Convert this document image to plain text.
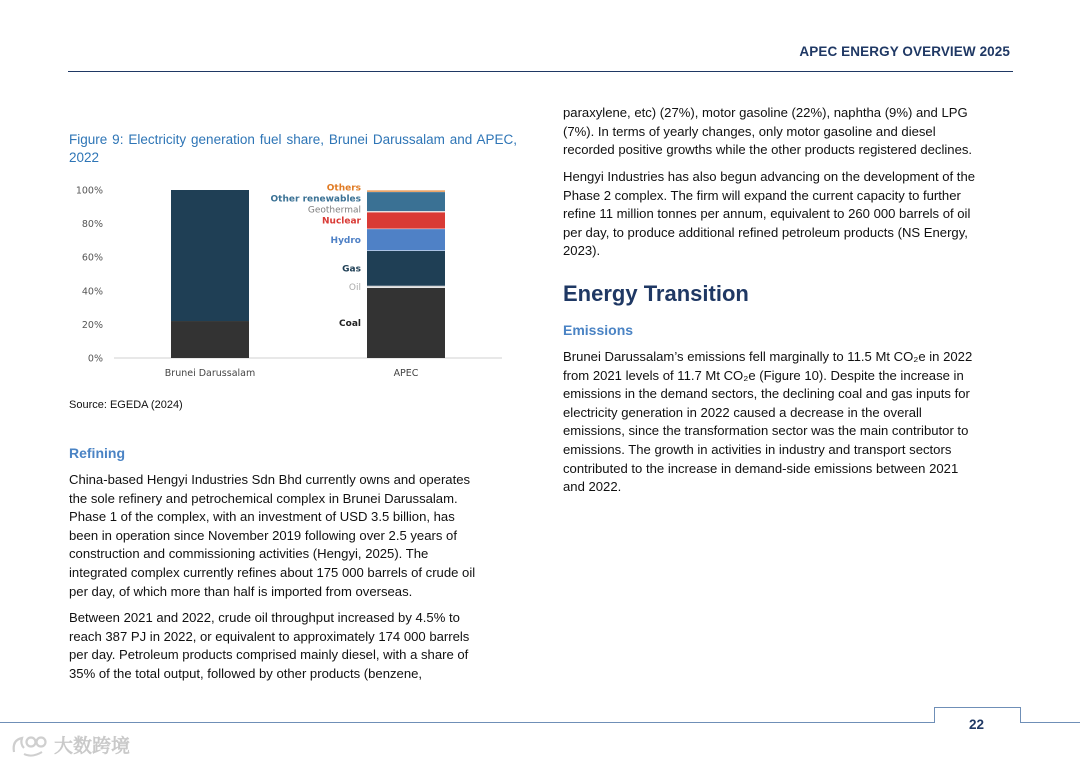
APEC ENERGY OVERVIEW 2025
Figure 9: Electricity generation fuel share, Brunei Darussalam and APEC, 2022
0%
20%
40%
60%
80%
100%
Brunei Darussalam	APEC
Coal
Oil
Gas
Hydro
Nuclear
Geothermal
Other renewables
Others
Source: EGEDA (2024)
Refining
China-based Hengyi Industries Sdn Bhd currently owns and operates
the sole refinery and petrochemical complex in Brunei Darussalam.
Phase 1 of the complex, with an investment of USD 3.5 billion, has
been in operation since November 2019 following over 2.5 years of
construction and commissioning activities (Hengyi, 2025). The
integrated complex currently refines about 175 000 barrels of crude oil
per day, of which more than half is imported from overseas.
Between 2021 and 2022, crude oil throughput increased by 4.5% to
reach 387 PJ in 2022, or equivalent to approximately 174 000 barrels
per day. Petroleum products comprised mainly diesel, with a share of
35% of the total output, followed by other products (benzene,
paraxylene, etc) (27%), motor gasoline (22%), naphtha (9%) and LPG
(7%). In terms of yearly changes, only motor gasoline and diesel
recorded positive growths while the other products registered declines.
Hengyi Industries has also begun advancing on the development of the
Phase 2 complex. The firm will expand the current capacity to further
refine 11 million tonnes per annum, equivalent to 260 000 barrels of oil
per day, to produce additional refined petroleum products (NS Energy,
2023).
Energy Transition
Emissions
Brunei Darussalam’s emissions fell marginally to 11.5 Mt CO₂e in 2022
from 2021 levels of 11.7 Mt CO₂e (Figure 10). Despite the increase in
emissions in the demand sectors, the declining coal and gas inputs for
electricity generation in 2022 caused a decrease in the overall
emissions, since the transformation sector was the main contributor to
emissions. The growth in activities in industry and transport sectors
contributed to the increase in demand-side emissions between 2021
and 2022.
22
大数跨境
